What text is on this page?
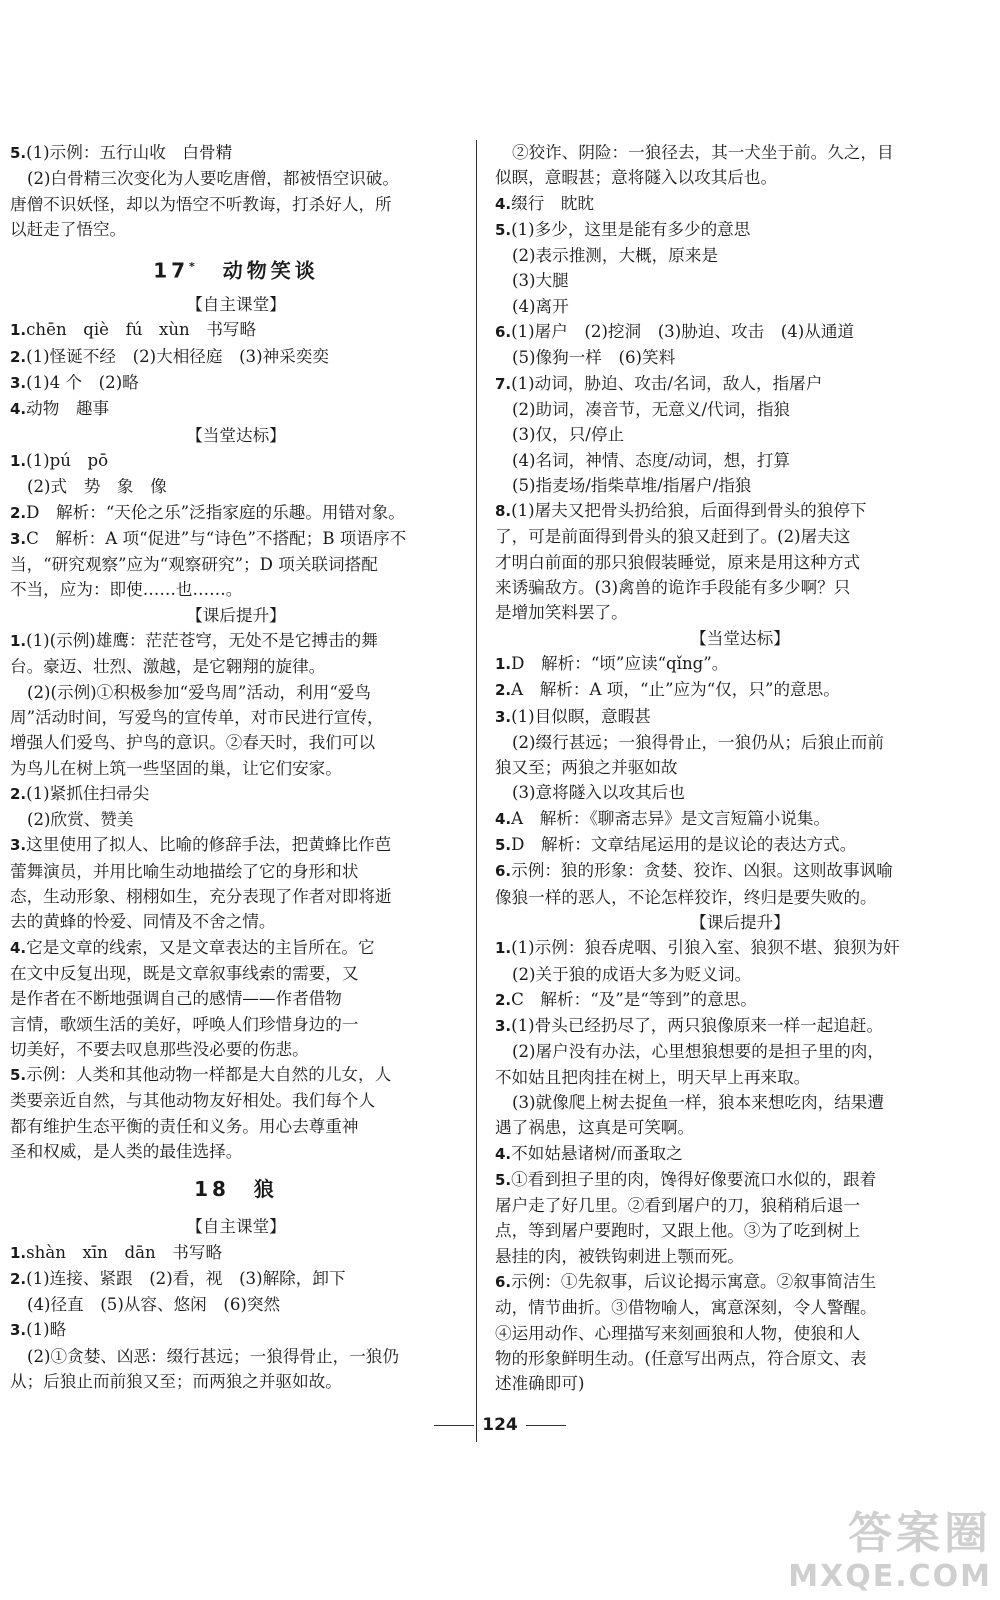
5.(1)示例：五行山收　白骨精
(2)白骨精三次变化为人要吃唐僧，都被悟空识破。
唐僧不识妖怪，却以为悟空不听教诲，打杀好人，所
以赶走了悟空。
17*　 动物笑谈
【自主课堂】
1.chēn　qiè　fú　xùn　书写略
2.(1)怪诞不经　(2)大相径庭　(3)神采奕奕
3.(1)4 个　(2)略
4.动物　趣事
【当堂达标】
1.(1)pú　pō
(2)式　势　象　像
2.D　解析：“天伦之乐”泛指家庭的乐趣。用错对象。
3.C　解析：A 项“促进”与“诗色”不搭配；B 项语序不
当，“研究观察”应为“观察研究”；D 项关联词搭配
不当，应为：即使……也……。
【课后提升】
1.(1)(示例)雄鹰：茫茫苍穹，无处不是它搏击的舞
台。豪迈、壮烈、激越，是它翱翔的旋律。
(2)(示例)①积极参加“爱鸟周”活动，利用“爱鸟
周”活动时间，写爱鸟的宣传单，对市民进行宣传，
增强人们爱鸟、护鸟的意识。②春天时，我们可以
为鸟儿在树上筑一些坚固的巢，让它们安家。
2.(1)紧抓住扫帚尖
(2)欣赏、赞美
3.这里使用了拟人、比喻的修辞手法，把黄蜂比作芭
蕾舞演员，并用比喻生动地描绘了它的身形和状
态，生动形象、栩栩如生，充分表现了作者对即将逝
去的黄蜂的怜爱、同情及不舍之情。
4.它是文章的线索，又是文章表达的主旨所在。它
在文中反复出现，既是文章叙事线索的需要，又
是作者在不断地强调自己的感情——作者借物
言情，歌颂生活的美好，呼唤人们珍惜身边的一
切美好，不要去叹息那些没必要的伤悲。
5.示例：人类和其他动物一样都是大自然的儿女，人
类要亲近自然，与其他动物友好相处。我们每个人
都有维护生态平衡的责任和义务。用心去尊重神
圣和权威，是人类的最佳选择。
18　 狼
【自主课堂】
1.shàn　xīn　dān　书写略
2.(1)连接、紧跟　(2)看，视　(3)解除，卸下
(4)径直　(5)从容、悠闲　(6)突然
3.(1)略
(2)①贪婪、凶恶：缀行甚远；一狼得骨止，一狼仍
从；后狼止而前狼又至；而两狼之并驱如故。
②狡诈、阴险：一狼径去，其一犬坐于前。久之，目
似瞑，意暇甚；意将隧入以攻其后也。
4.缀行　眈眈
5.(1)多少，这里是能有多少的意思
(2)表示推测，大概，原来是
(3)大腿
(4)离开
6.(1)屠户　(2)挖洞　(3)胁迫、攻击　(4)从通道
(5)像狗一样　(6)笑料
7.(1)动词，胁迫、攻击/名词，敌人，指屠户
(2)助词，凑音节，无意义/代词，指狼
(3)仅，只/停止
(4)名词，神情、态度/动词，想，打算
(5)指麦场/指柴草堆/指屠户/指狼
8.(1)屠夫又把骨头扔给狼，后面得到骨头的狼停下
了，可是前面得到骨头的狼又赶到了。(2)屠夫这
才明白前面的那只狼假装睡觉，原来是用这种方式
来诱骗敌方。(3)禽兽的诡诈手段能有多少啊？只
是增加笑料罢了。
【当堂达标】
1.D　解析：“顷”应读“qǐng”。
2.A　解析：A 项，“止”应为“仅，只”的意思。
3.(1)目似瞑，意暇甚
(2)缀行甚远；一狼得骨止，一狼仍从；后狼止而前
狼又至；两狼之并驱如故
(3)意将隧入以攻其后也
4.A　解析：《聊斋志异》是文言短篇小说集。
5.D　解析：文章结尾运用的是议论的表达方式。
6.示例：狼的形象：贪婪、狡诈、凶狠。这则故事讽喻
像狼一样的恶人，不论怎样狡诈，终归是要失败的。
【课后提升】
1.(1)示例：狼吞虎咽、引狼入室、狼狈不堪、狼狈为奸
(2)关于狼的成语大多为贬义词。
2.C　解析：“及”是“等到”的意思。
3.(1)骨头已经扔尽了，两只狼像原来一样一起追赶。
(2)屠户没有办法，心里想狼想要的是担子里的肉，
不如姑且把肉挂在树上，明天早上再来取。
(3)就像爬上树去捉鱼一样，狼本来想吃肉，结果遭
遇了祸患，这真是可笑啊。
4.不如姑悬诸树/而蚤取之
5.①看到担子里的肉，馋得好像要流口水似的，跟着
屠户走了好几里。②看到屠户的刀，狼稍稍后退一
点，等到屠户要跑时，又跟上他。③为了吃到树上
悬挂的肉，被铁钩刺进上颚而死。
6.示例：①先叙事，后议论揭示寓意。②叙事简洁生
动，情节曲折。③借物喻人，寓意深刻，令人警醒。
④运用动作、心理描写来刻画狼和人物，使狼和人
物的形象鲜明生动。(任意写出两点，符合原文、表
述准确即可)
124
答案圈
MXQE.COM
